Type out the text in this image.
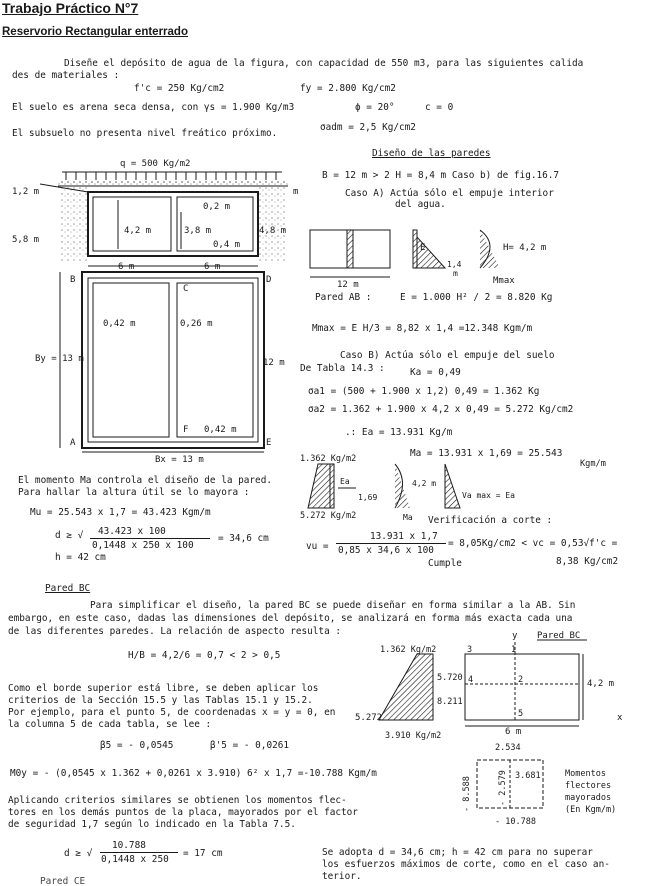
Trabajo Práctico N°7
Reservorio Rectangular enterrado
Diseñe el depósito de agua de la figura, con capacidad de 550 m3, para las siguientes calida
des de materiales :
f'c = 250 Kg/cm2	fy = 2.800 Kg/cm2
El suelo es arena seca densa, con γs = 1.900 Kg/m3	ϕ = 20°	c = 0
El subsuelo no presenta nivel freático próximo.
σadm = 2,5 Kg/cm2
q = 500 Kg/m2
1,2 m
5,8 m
4,2 m	3,8 m	4,8 m
0,2 m
0,4 m
m
6 m	6 m
B
C
D
A
F
E
0,42 m	0,26 m
By = 13 m	12 m
0,42 m
Bx = 13 m
Diseño de las paredes
B = 12 m > 2 H = 8,4 m Caso b) de fig.16.7
Caso A) Actúa sólo el empuje interior
del agua.
12 m
E
1,4
m
H= 4,2 m
Mmax
Pared AB :	E = 1.000 H² / 2 = 8.820 Kg
Mmax = E H/3 = 8,82 x 1,4 =12.348 Kgm/m
Caso B) Actúa sólo el empuje del suelo
De Tabla 14.3 :	Ka = 0,49
σa1 = (500 + 1.900 x 1,2) 0,49 = 1.362 Kg
σa2 = 1.362 + 1.900 x 4,2 x 0,49 = 5.272 Kg/cm2
.: Ea = 13.931 Kg/m
Ma = 13.931 x 1,69 = 25.543
Kgm/m
1.362 Kg/m2
Ea
1,69
4,2 m
Ma
Va max = Ea
5.272 Kg/m2
El momento Ma controla el diseño de la pared.
Para hallar la altura útil se lo mayora :
Mu = 25.543 x 1,7 = 43.423 Kgm/m
d ≥ √ 43.423 x 100
0,1448 x 250 x 100
= 34,6 cm
h = 42 cm
Verificación a corte :
vu =
13.931 x 1,7
0,85 x 34,6 x 100
= 8,05Kg/cm2 < vc = 0,53√f'c =
Cumple	8,38 Kg/cm2
Pared BC
Para simplificar el diseño, la pared BC se puede diseñar en forma similar a la AB. Sin
embargo, en este caso, dadas las dimensiones del depósito, se analizará en forma más exacta cada una
de las diferentes paredes. La relación de aspecto resulta :
H/B = 4,2/6 = 0,7 < 2 > 0,5
Como el borde superior está libre, se deben aplicar los
criterios de la Sección 15.5 y las Tablas 15.1 y 15.2.
Por ejemplo, para el punto 5, de coordenadas x = y = 0, en
la columna 5 de cada tabla, se lee :
β5 = - 0,0545	β'5 = - 0,0261
M0y = - (0,0545 x 1.362 + 0,0261 x 3.910) 6² x 1,7 =-10.788 Kgm/m
Aplicando criterios similares se obtienen los momentos flec-
tores en los demás puntos de la placa, mayorados por el factor
de seguridad 1,7 según lo indicado en la Tabla 7.5.
d ≥ √
10.788
0,1448 x 250
= 17 cm
Pared CE
Se adopta d = 34,6 cm; h = 42 cm para no superar
los esfuerzos máximos de corte, como en el caso an-
terior.
1.362 Kg/m2
y Pared BC
3	1
5.720 4	2	4,2 m
8.211
5	x
5.272
6 m
3.910 Kg/m2
2.534
- 8.588	- 2.579 3.681
- 10.788
Momentos
flectores
mayorados
(En Kgm/m)
